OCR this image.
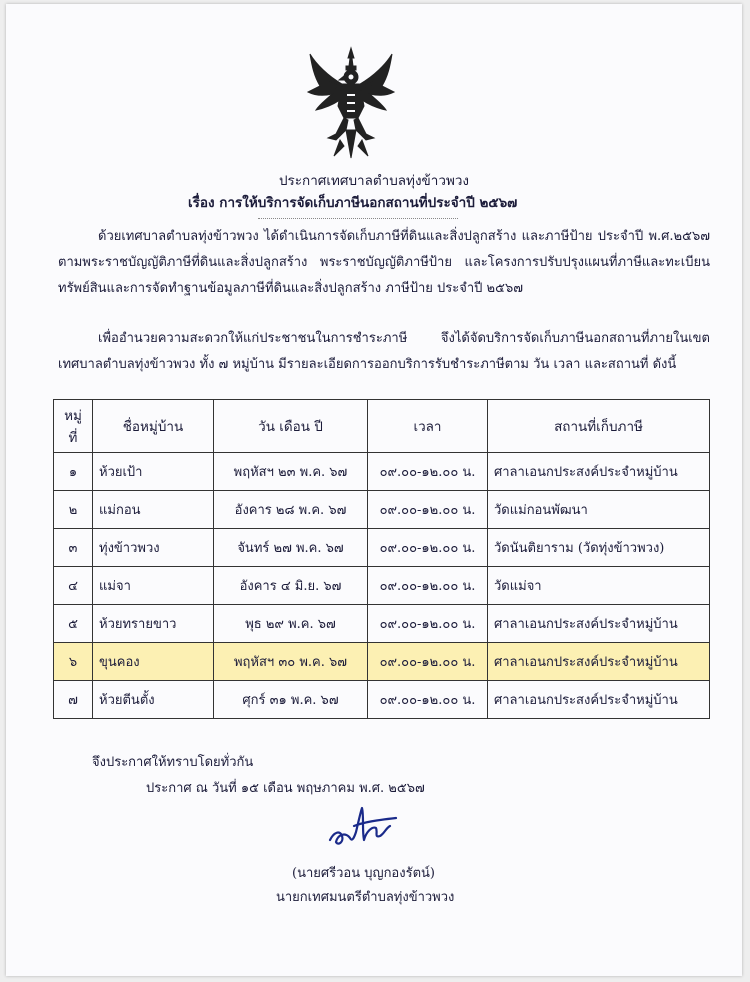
ประกาศเทศบาลตำบลทุ่งข้าวพวง
เรื่อง การให้บริการจัดเก็บภาษีนอกสถานที่ประจำปี ๒๕๖๗
ด้วยเทศบาลตำบลทุ่งข้าวพวง ได้ดำเนินการจัดเก็บภาษีที่ดินและสิ่งปลูกสร้าง และภาษีป้าย ประจำปี พ.ศ.๒๕๖๗ ตามพระราชบัญญัติภาษีที่ดินและสิ่งปลูกสร้าง พระราชบัญญัติภาษีป้าย และโครงการปรับปรุงแผนที่ภาษีและทะเบียนทรัพย์สินและการจัดทำฐานข้อมูลภาษีที่ดินและสิ่งปลูกสร้าง ภาษีป้าย ประจำปี ๒๕๖๗
เพื่ออำนวยความสะดวกให้แก่ประชาชนในการชำระภาษี จึงได้จัดบริการจัดเก็บภาษีนอกสถานที่ภายในเขตเทศบาลตำบลทุ่งข้าวพวง ทั้ง ๗ หมู่บ้าน มีรายละเอียดการออกบริการรับชำระภาษีตาม วัน เวลา และสถานที่ ดังนี้
หมู่ที่	ชื่อหมู่บ้าน	วัน เดือน ปี	เวลา	สถานที่เก็บภาษี
๑	ห้วยเป้า	พฤหัสฯ ๒๓ พ.ค. ๖๗	๐๙.๐๐-๑๒.๐๐ น.	ศาลาเอนกประสงค์ประจำหมู่บ้าน
๒	แม่กอน	อังคาร ๒๘ พ.ค. ๖๗	๐๙.๐๐-๑๒.๐๐ น.	วัดแม่กอนพัฒนา
๓	ทุ่งข้าวพวง	จันทร์ ๒๗ พ.ค. ๖๗	๐๙.๐๐-๑๒.๐๐ น.	วัดนันติยาราม (วัดทุ่งข้าวพวง)
๔	แม่จา	อังคาร ๔ มิ.ย. ๖๗	๐๙.๐๐-๑๒.๐๐ น.	วัดแม่จา
๕	ห้วยทรายขาว	พุธ ๒๙ พ.ค. ๖๗	๐๙.๐๐-๑๒.๐๐ น.	ศาลาเอนกประสงค์ประจำหมู่บ้าน
๖	ขุนคอง	พฤหัสฯ ๓๐ พ.ค. ๖๗	๐๙.๐๐-๑๒.๐๐ น.	ศาลาเอนกประสงค์ประจำหมู่บ้าน
๗	ห้วยตีนตั้ง	ศุกร์ ๓๑ พ.ค. ๖๗	๐๙.๐๐-๑๒.๐๐ น.	ศาลาเอนกประสงค์ประจำหมู่บ้าน
จึงประกาศให้ทราบโดยทั่วกัน
ประกาศ ณ วันที่ ๑๕ เดือน พฤษภาคม พ.ศ. ๒๕๖๗
(นายศรีวอน บุญกองรัตน์)
นายกเทศมนตรีตำบลทุ่งข้าวพวง
